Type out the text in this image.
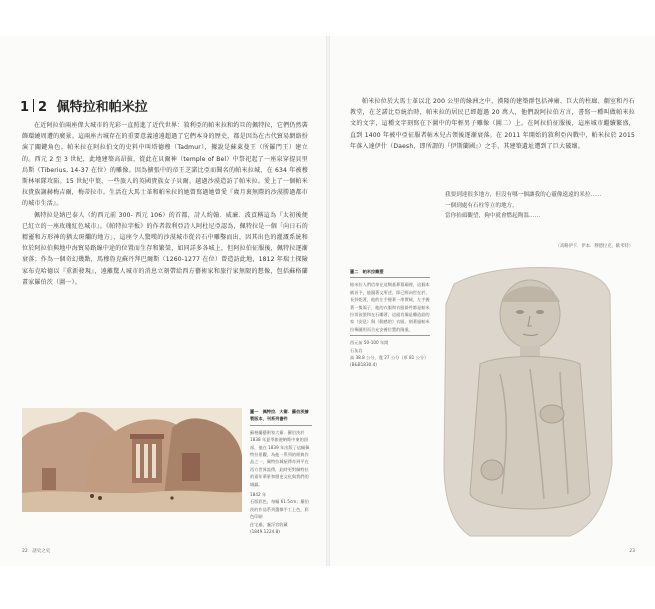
1 2 佩特拉和帕米拉

在近阿拉伯兩座偉大城市的光彩一直照進了近代世界：敘利亞的帕米拉和約旦的佩特拉，它們仍然裝飾環繞周遭的廣景。這兩座古城存在的重要意義遠遠超過了它們本身的歷史，都是因為在古代貿易網絡扮演了關鍵角色。帕米拉在阿拉伯文的史料中叫塔德穆（Tadmur），據說是蘇萊曼王（所羅門王）建立的。西元 2 至 3 世紀，此地建築高昂拔，從此在貝爾神（temple of Bel）中祭祀起了一座泉穿提貝里烏斯（Tiberius, 14-37 在位）的雕像。因為擴張中的帝王芝諾比亞而聞名的帕米拉城，在 634 年被穆斯林軍隊攻陷。15 世紀中葉，一些旅人的英國貴族女子貝爾，越過沙漠造訪了帕米拉。愛上了一個帕米拉貴族謝赫梅吉爾，梅蒂拉市。生活在大馬士革和帕米拉的她曾寫過她曾愛『歲月裏無際的沙漠勝過都市的城市生活』。

佩特拉是納巴泰人（約西元前 300- 西元 106）的首都，詩人約翰．威廉．波貢稱這為『太初後便已紅立的一座玫瑰紅色城市』。《帕特拉字板》的作者敘利亞詩人阿杜尼亞認為，佩特拉是一個「向日石的精靈和方形神的猶太斑爛的地方」，這座令人驚嘆的沙漠城市從岩石中雕鑿而出，因其出色的灌溉系統和位於阿拉伯與地中海貿易路線中途的位置而生存和繁榮，如同詳多各城上，但阿拉伯征服後，佩特拉逐漸衰落；作為一個奇幻幾點，馬穆魯克蘇丹拜巴爾斯（1260-1277 在位）曾造訪此地，1812 年瑞士探險家布克哈德以『重新發現』，遠離驚人城市的消息立刻帶給西方藝術家和旅行家無限的想像，包括蘇格蘭畫家羅伯茨（圖一）。

圖一　佩特拉．大衛．羅伯茨繪製版本，刊系列書件
蘇格蘭藝術家大衛．羅伯茨於 1838 年夏季旅遊納斯中東的頂部，他在 1839 年出版了這幅佩特拉景觀，為他一系列的經典作品之一，佩特拉城屋傳奇到平在西方世界流傳，此時更對佩特拉的嘉年華景和歷史文化與我們的城鎮。
1842 年
石版彩色，每幅 61.5cm；羅伯茨的作品系列選擇手工上色，彩色印刷
住宅處，盧浮宮收藏
(1849.1224.8)
22　諸史之史

帕米拉位於大馬士革以北 200 公里的綠洲之中，漢隆的建築群包括神廟、巨大的柱廊、劇室和丹石教堂，在芝諾比亞統治時，帕米拉的居民已經超過 20 萬人，他們說阿拉伯方言，書寫一種叫做帕米拉文的文字，這種文字刻寫在下圖中的年輕男子雕像（圖二）上。在阿拉伯征服後，這座城市繼續繁盛，直到 1400 年被中亞征服者帖木兒占領後逐漸衰落。在 2011 年開始的敘利亞內戰中，帕米拉於 2015 年落入達伊什（Daesh，即所謂的『伊斯蘭國』）之手，其建築遺址遭到了巨大破壞。

我要到達很多地方，但沒有哪一個讓我的心靈像遠遠的米拉……
一個到處有石柱等立的地方，
當你抬頭觀望，夠中就會燃起陶溫……
（高略伊卡．伊本．穆德拉克，歐米特）
圖二　帕米拉雕塑
帕米拉人們信奉在這類基葬墓廟裡，這個本截首予，他鏡著文所述，即已經向世在於、長抖乾著，他的左手握著一串實絨，左手握著一隻鴿子，他的衣服和衣服掛件都是帕米拉男孩裝和在石雕著，這組肖像是雕造給的家（安息）與（動感的）衣服，刻著過帕米拉佈圖用而合允安養位置的隆重。
西元前 50-100 年間
石灰岩
高 38.8 公分，寬 27 公分（厚 81 公分）
(B&B1830.4)
23
